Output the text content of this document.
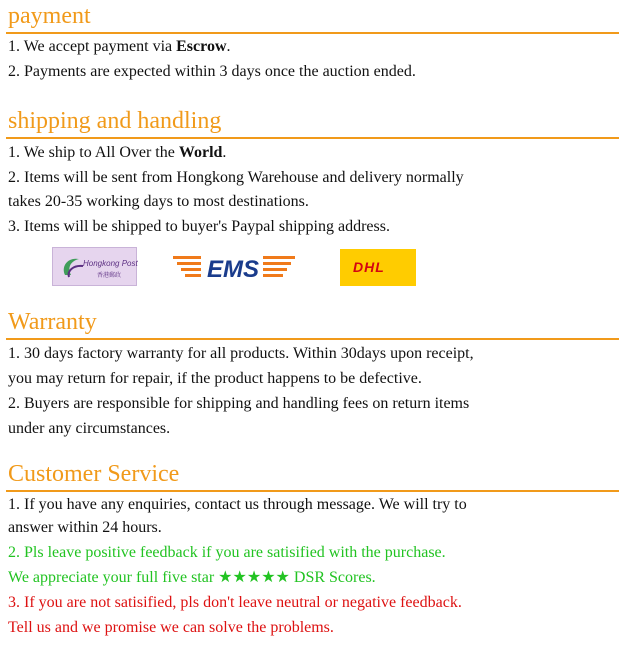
payment
1. We accept payment via Escrow.
2. Payments are expected within 3 days once the auction ended.
shipping and handling
1. We ship to All Over the World.
2. Items will be sent from Hongkong Warehouse and delivery normally
takes 20-35 working days to most destinations.
3. Items will be shipped to buyer's Paypal shipping address.
Hongkong Post
香港郵政	EMS	DHL
Warranty
1. 30 days factory warranty for all products. Within 30days upon receipt,
you may return for repair, if the product happens to be defective.
2. Buyers are responsible for shipping and handling fees on return items
under any circumstances.
Customer Service
1. If you have any enquiries, contact us through message. We will try to
answer within 24 hours.
2. Pls leave positive feedback if you are satisified with the purchase.
We appreciate your full five star ★★★★★ DSR Scores.
3. If you are not satisified, pls don't leave neutral or negative feedback.
Tell us and we promise we can solve the problems.
